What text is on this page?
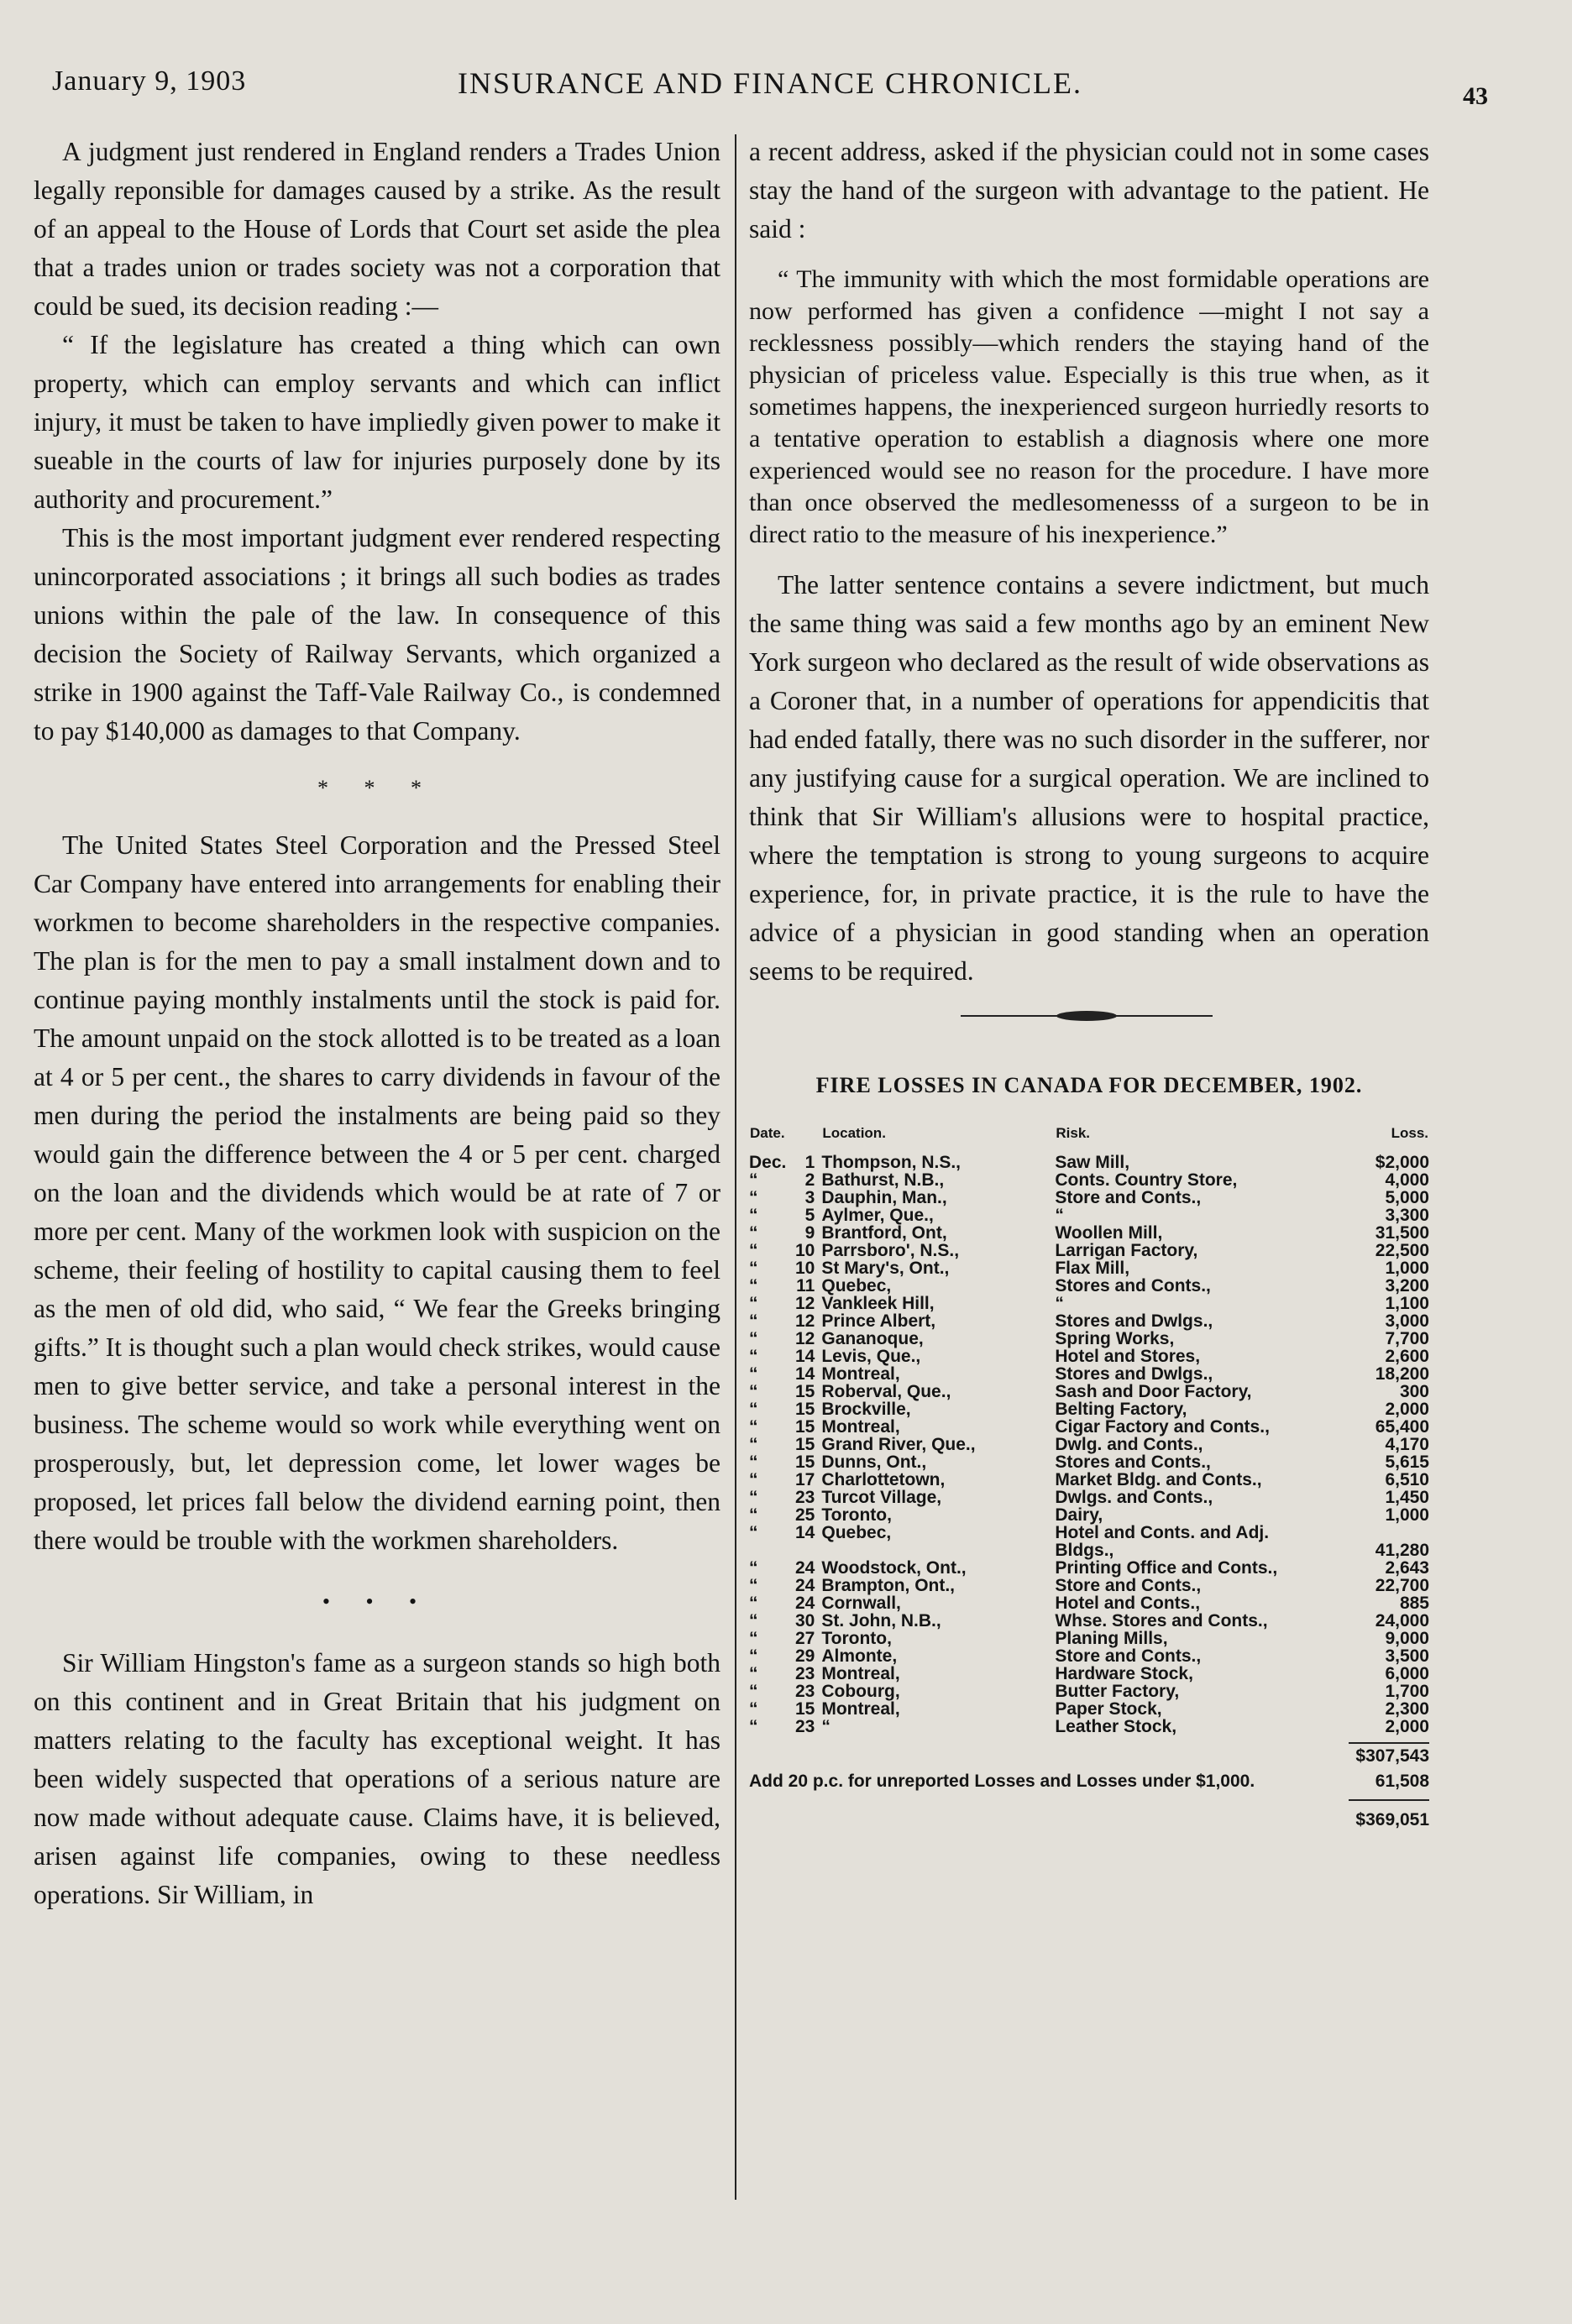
January 9, 1903	INSURANCE AND FINANCE CHRONICLE.	43

A judgment just rendered in England renders a Trades Union legally reponsible for damages caused by a strike. As the result of an appeal to the House of Lords that Court set aside the plea that a trades union or trades society was not a corporation that could be sued, its decision reading :—

“ If the legislature has created a thing which can own property, which can employ servants and which can inflict injury, it must be taken to have impliedly given power to make it sueable in the courts of law for injuries purposely done by its authority and procurement.”

This is the most important judgment ever rendered respecting unincorporated associations ; it brings all such bodies as trades unions within the pale of the law. In consequence of this decision the Society of Railway Servants, which organized a strike in 1900 against the Taff-Vale Railway Co., is condemned to pay $140,000 as damages to that Company.

* * *

The United States Steel Corporation and the Pressed Steel Car Company have entered into arrangements for enabling their workmen to become shareholders in the respective companies. The plan is for the men to pay a small instalment down and to continue paying monthly instalments until the stock is paid for. The amount unpaid on the stock allotted is to be treated as a loan at 4 or 5 per cent., the shares to carry dividends in favour of the men during the period the instalments are being paid so they would gain the difference between the 4 or 5 per cent. charged on the loan and the dividends which would be at rate of 7 or more per cent. Many of the workmen look with suspicion on the scheme, their feeling of hostility to capital causing them to feel as the men of old did, who said, “ We fear the Greeks bringing gifts.” It is thought such a plan would check strikes, would cause men to give better service, and take a personal interest in the business. The scheme would so work while everything went on prosperously, but, let depression come, let lower wages be proposed, let prices fall below the dividend earning point, then there would be trouble with the workmen shareholders.

• • •

Sir William Hingston's fame as a surgeon stands so high both on this continent and in Great Britain that his judgment on matters relating to the faculty has exceptional weight. It has been widely suspected that operations of a serious nature are now made without adequate cause. Claims have, it is believed, arisen against life companies, owing to these needless operations. Sir William, in

a recent address, asked if the physician could not in some cases stay the hand of the surgeon with advantage to the patient. He said :

“ The immunity with which the most formidable operations are now performed has given a confidence —might I not say a recklessness possibly—which renders the staying hand of the physician of priceless value. Especially is this true when, as it sometimes happens, the inexperienced surgeon hurriedly resorts to a tentative operation to establish a diagnosis where one more experienced would see no reason for the procedure. I have more than once observed the medlesomenesss of a surgeon to be in direct ratio to the measure of his inexperience.”

The latter sentence contains a severe indictment, but much the same thing was said a few months ago by an eminent New York surgeon who declared as the result of wide observations as a Coroner that, in a number of operations for appendicitis that had ended fatally, there was no such disorder in the sufferer, nor any justifying cause for a surgical operation. We are inclined to think that Sir William's allusions were to hospital practice, where the temptation is strong to young surgeons to acquire experience, for, in private practice, it is the rule to have the advice of a physician in good standing when an operation seems to be required.

FIRE LOSSES IN CANADA FOR DECEMBER, 1902.
Date.		Location.	Risk.	Loss.
Dec.	1	Thompson, N.S.,	Saw Mill,	$2,000
“	2	Bathurst, N.B.,	Conts. Country Store,	4,000
“	3	Dauphin, Man.,	Store and Conts.,	5,000
“	5	Aylmer, Que.,	“	3,300
“	9	Brantford, Ont,	Woollen Mill,	31,500
“	10	Parrsboro', N.S.,	Larrigan Factory,	22,500
“	10	St Mary's, Ont.,	Flax Mill,	1,000
“	11	Quebec,	Stores and Conts.,	3,200
“	12	Vankleek Hill,	“	1,100
“	12	Prince Albert,	Stores and Dwlgs.,	3,000
“	12	Gananoque,	Spring Works,	7,700
“	14	Levis, Que.,	Hotel and Stores,	2,600
“	14	Montreal,	Stores and Dwlgs.,	18,200
“	15	Roberval, Que.,	Sash and Door Factory,	300
“	15	Brockville,	Belting Factory,	2,000
“	15	Montreal,	Cigar Factory and Conts.,	65,400
“	15	Grand River, Que.,	Dwlg. and Conts.,	4,170
“	15	Dunns, Ont.,	Stores and Conts.,	5,615
“	17	Charlottetown,	Market Bldg. and Conts.,	6,510
“	23	Turcot Village,	Dwlgs. and Conts.,	1,450
“	25	Toronto,	Dairy,	1,000
“	14	Quebec,	Hotel and Conts. and Adj.	
			Bldgs.,	41,280
“	24	Woodstock, Ont.,	Printing Office and Conts.,	2,643
“	24	Brampton, Ont.,	Store and Conts.,	22,700
“	24	Cornwall,	Hotel and Conts.,	885
“	30	St. John, N.B.,	Whse. Stores and Conts.,	24,000
“	27	Toronto,	Planing Mills,	9,000
“	29	Almonte,	Store and Conts.,	3,500
“	23	Montreal,	Hardware Stock,	6,000
“	23	Cobourg,	Butter Factory,	1,700
“	15	Montreal,	Paper Stock,	2,300
“	23	“	Leather Stock,	2,000
$307,543
Add 20 p.c. for unreported Losses and Losses under $1,000.	61,508
$369,051
